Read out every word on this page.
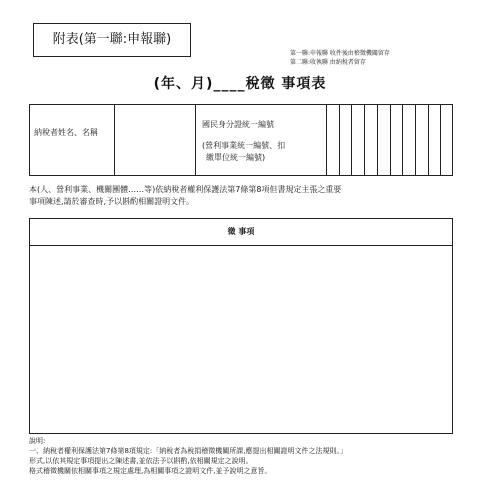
附表(第一聯:申報聯)
第一聯:申報聯 收件後由稽徵機關留存
第二聯:收執聯 由納稅者留存
(年、月)____稅徵 事項表
納稅者姓名、名稱
國民身分證統一編號
(營利事業統一編號、扣
繳單位統一編號)
本(人、營利事業、機關團體……等)依納稅者權利保護法第7條第8項但書規定主張之重要
事項陳述,請於審查時,予以斟酌相關證明文件。
徵 事項
說明:
一、納稅者權利保護法第7條第8項規定:「納稅者為稅捐稽徵機關所課,應提出相關證明文件之法規則。」
形式,以依其規定事項提出之陳述書,並依法予以斟酌,依相關規定之說明。
格式稽徵機關依相關事項之規定處理,為相關事項之證明文件,並予說明之意旨。
